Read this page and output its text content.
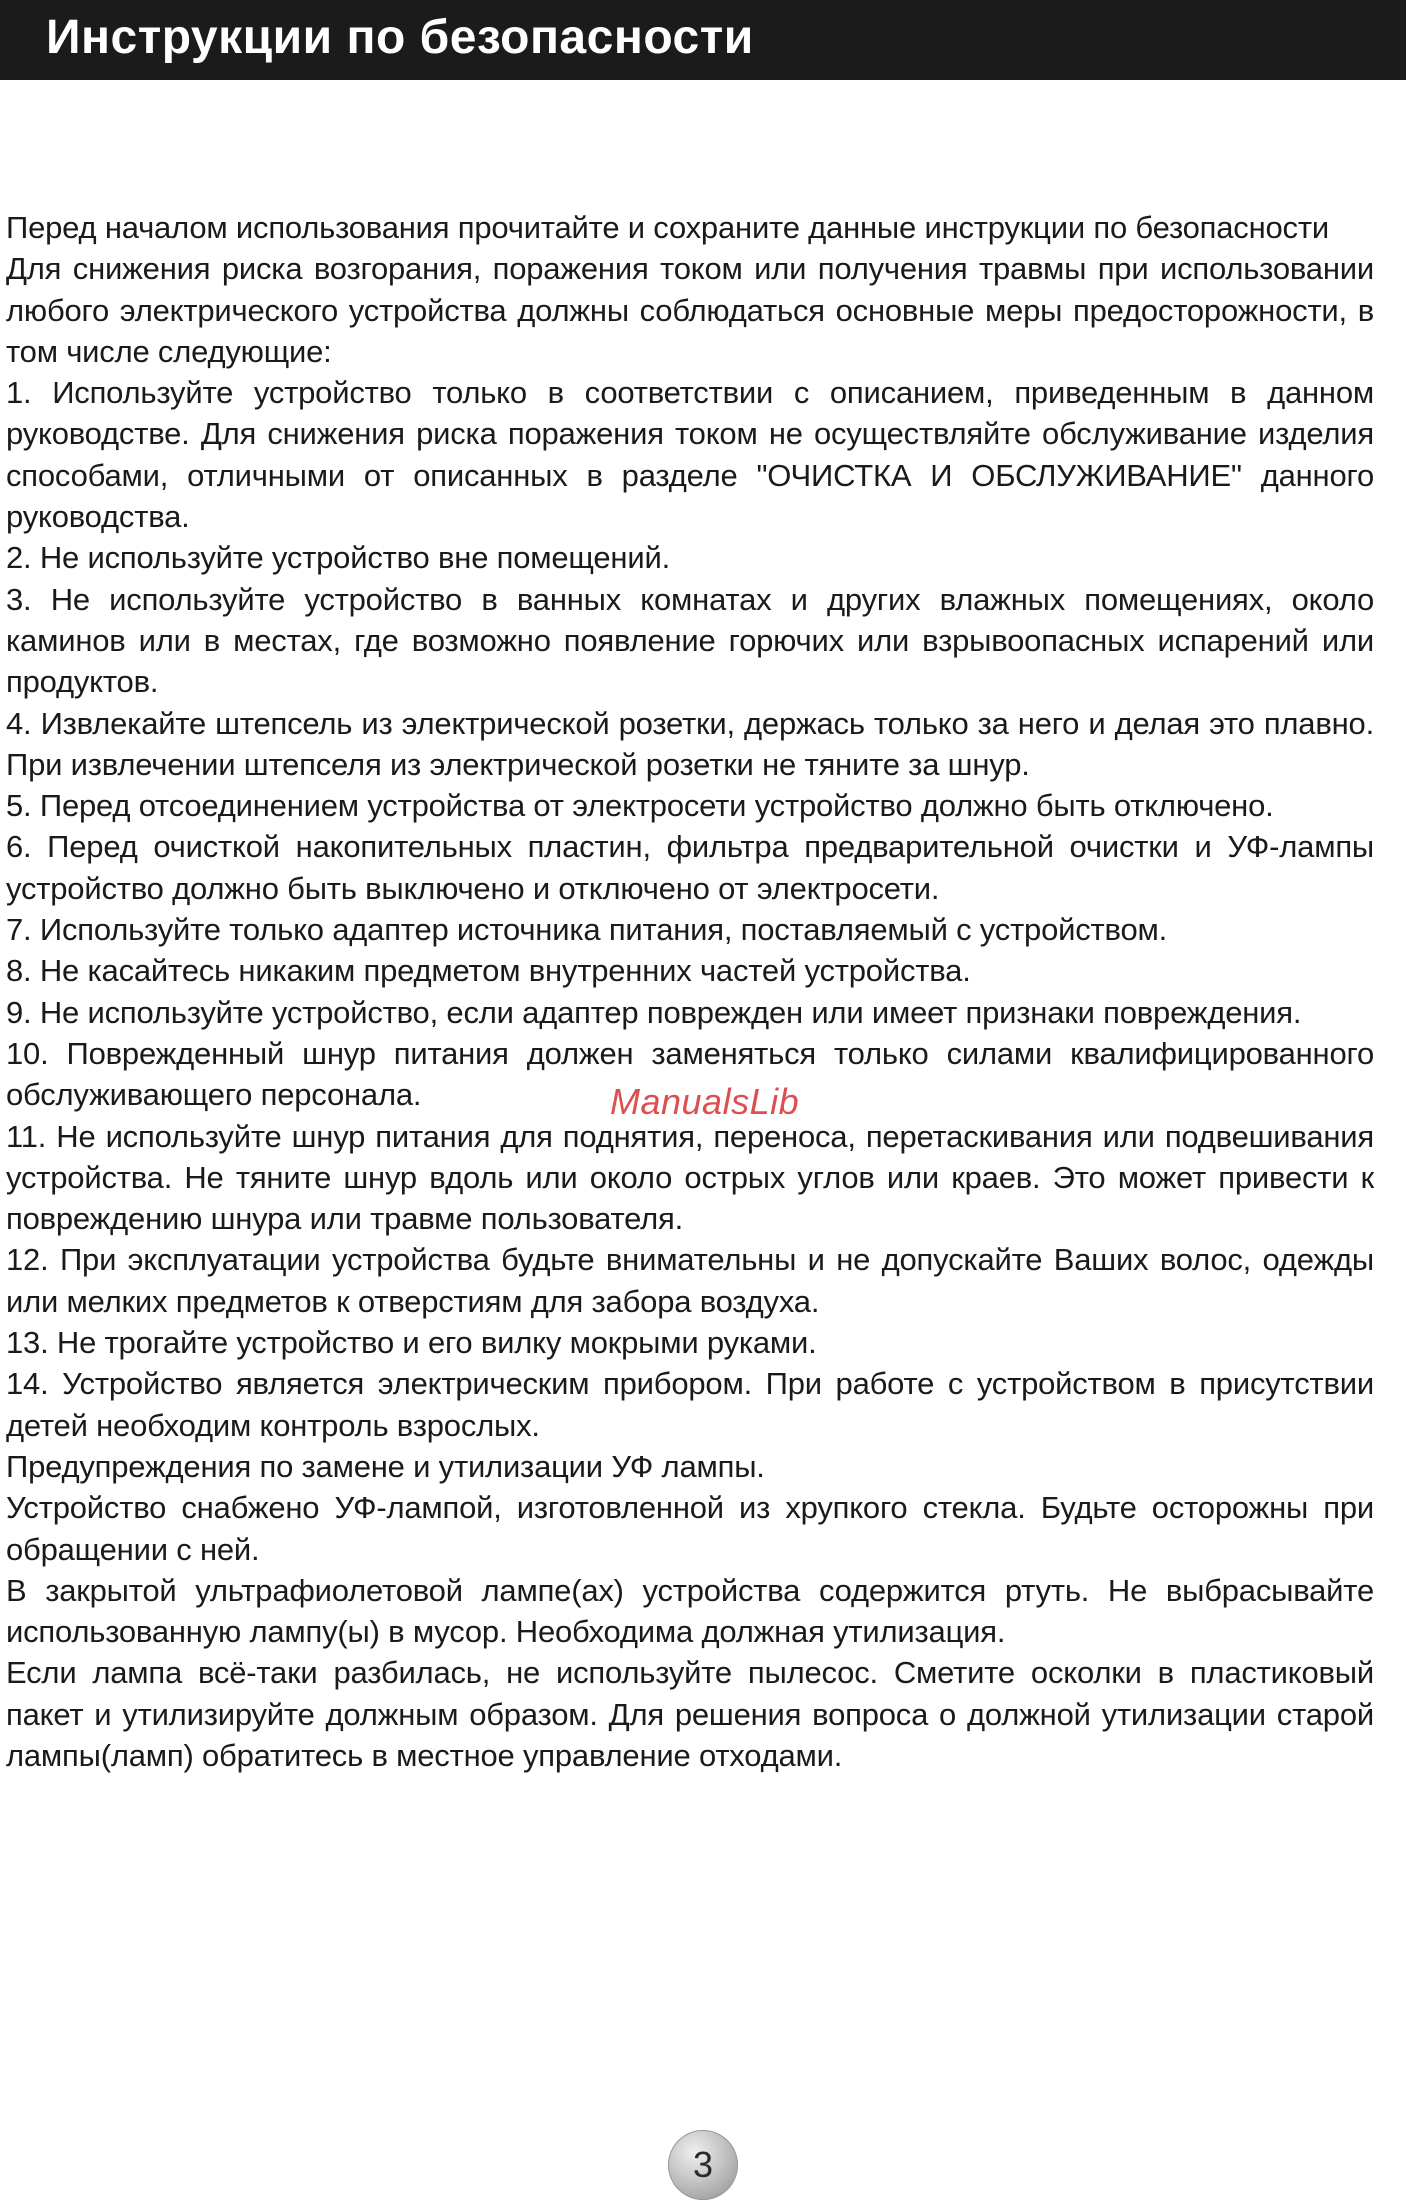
Инструкции по безопасности

Перед началом использования прочитайте и сохраните данные инструкции по безопасности

Для снижения риска возгорания, поражения током или получения травмы при использовании любого электрического устройства должны соблюдаться основные меры предосторожности, в том числе следующие:

1. Используйте устройство только в соответствии с описанием, приведенным в данном руководстве. Для снижения риска поражения током не осуществляйте обслуживание изделия способами, отличными от описанных в разделе "ОЧИСТКА И ОБСЛУЖИВАНИЕ" данного руководства.

2. Не используйте устройство вне помещений.

3. Не используйте устройство в ванных комнатах и других влажных помещениях, около каминов или в местах, где возможно появление горючих или взрывоопасных испарений или продуктов.

4. Извлекайте штепсель из электрической розетки, держась только за него и делая это плавно. При извлечении штепселя из электрической розетки не тяните за шнур.

5. Перед отсоединением устройства от электросети устройство должно быть отключено.

6. Перед очисткой накопительных пластин, фильтра предварительной очистки и УФ-лампы устройство должно быть выключено и отключено от электросети.

7. Используйте только адаптер источника питания, поставляемый с устройством.

8. Не касайтесь никаким предметом внутренних частей устройства.

9. Не используйте устройство, если адаптер поврежден или имеет признаки повреждения.

10. Поврежденный шнур питания должен заменяться только силами квалифицированного обслуживающего персонала.

11. Не используйте шнур питания для поднятия, переноса, перетаскивания или подвешивания устройства. Не тяните шнур вдоль или около острых углов или краев. Это может привести к повреждению шнура или травме пользователя.

12. При эксплуатации устройства будьте внимательны и не допускайте Ваших волос, одежды или мелких предметов к отверстиям для забора воздуха.

13. Не трогайте устройство и его вилку мокрыми руками.

14. Устройство является электрическим прибором. При работе с устройством в присутствии детей необходим контроль взрослых.

Предупреждения по замене и утилизации УФ лампы.

Устройство снабжено УФ-лампой, изготовленной из хрупкого стекла. Будьте осторожны при обращении с ней.

В закрытой ультрафиолетовой лампе(ах) устройства содержится ртуть. Не выбрасывайте использованную лампу(ы) в мусор. Необходима должная утилизация.

Если лампа всё-таки разбилась, не используйте пылесос. Сметите осколки в пластиковый пакет и утилизируйте должным образом. Для решения вопроса о должной утилизации старой лампы(ламп) обратитесь в местное управление отходами.

ManualsLib
3
